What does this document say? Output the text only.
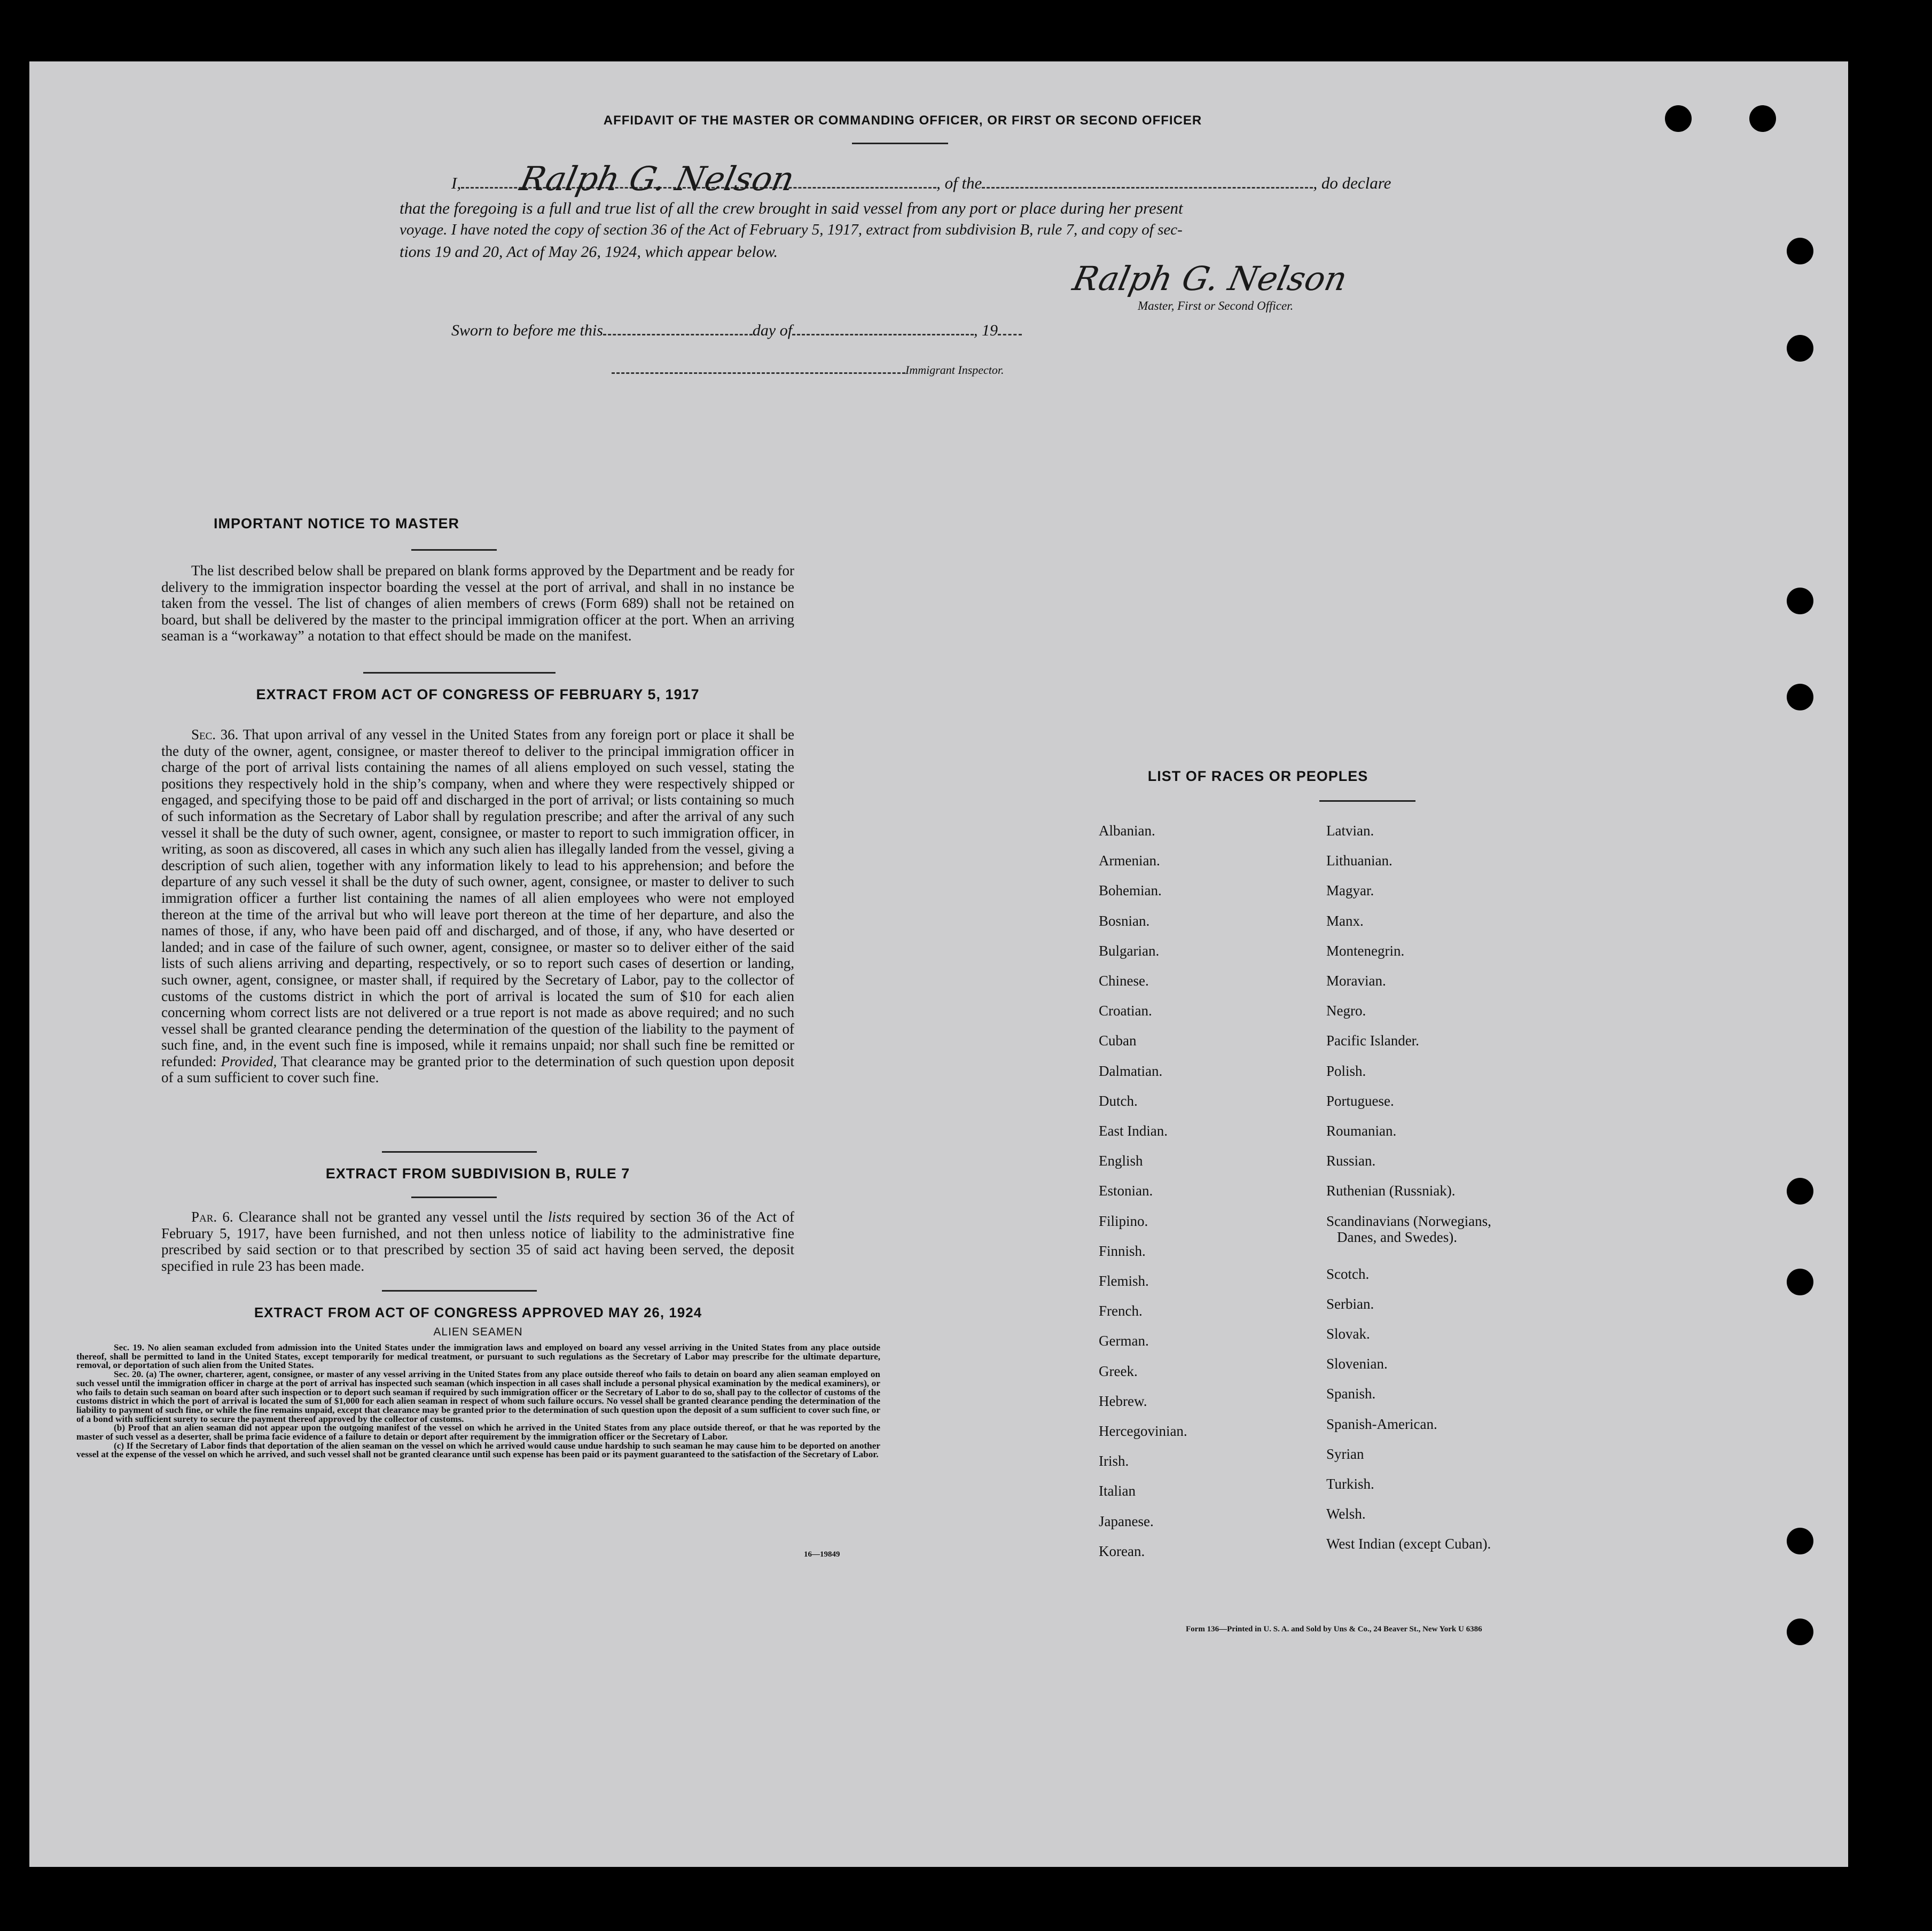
AFFIDAVIT OF THE MASTER OR COMMANDING OFFICER, OR FIRST OR SECOND OFFICER
I,	, of the	, do declare
Ralph G. Nelson
that the foregoing is a full and true list of all the crew brought in said vessel from any port or place during her present
voyage. I have noted the copy of section 36 of the Act of February 5, 1917, extract from subdivision B, rule 7, and copy of sec-
tions 19 and 20, Act of May 26, 1924, which appear below.
Ralph G. Nelson
Master, First or Second Officer.
Sworn to before me this	day of	, 19
Immigrant Inspector.
IMPORTANT NOTICE TO MASTER
The list described below shall be prepared on blank forms approved by the Department and be ready for delivery to the immigration inspector boarding the vessel at the port of arrival, and shall in no instance be taken from the vessel. The list of changes of alien members of crews (Form 689) shall not be retained on board, but shall be delivered by the master to the principal immigration officer at the port. When an arriving seaman is a “workaway” a notation to that effect should be made on the manifest.
EXTRACT FROM ACT OF CONGRESS OF FEBRUARY 5, 1917
Sec. 36. That upon arrival of any vessel in the United States from any foreign port or place it shall be the duty of the owner, agent, consignee, or master thereof to deliver to the principal immigration officer in charge of the port of arrival lists containing the names of all aliens employed on such vessel, stating the positions they respectively hold in the ship’s company, when and where they were respectively shipped or engaged, and specifying those to be paid off and discharged in the port of arrival; or lists containing so much of such information as the Secretary of Labor shall by regulation prescribe; and after the arrival of any such vessel it shall be the duty of such owner, agent, consignee, or master to report to such immigration officer, in writing, as soon as discovered, all cases in which any such alien has illegally landed from the vessel, giving a description of such alien, together with any information likely to lead to his apprehension; and before the departure of any such vessel it shall be the duty of such owner, agent, consignee, or master to deliver to such immigration officer a further list containing the names of all alien employees who were not employed thereon at the time of the arrival but who will leave port thereon at the time of her departure, and also the names of those, if any, who have been paid off and discharged, and of those, if any, who have deserted or landed; and in case of the failure of such owner, agent, consignee, or master so to deliver either of the said lists of such aliens arriving and departing, respectively, or so to report such cases of desertion or landing, such owner, agent, consignee, or master shall, if required by the Secretary of Labor, pay to the collector of customs of the customs district in which the port of arrival is located the sum of $10 for each alien concerning whom correct lists are not delivered or a true report is not made as above required; and no such vessel shall be granted clearance pending the determination of the question of the liability to the payment of such fine, and, in the event such fine is imposed, while it remains unpaid; nor shall such fine be remitted or refunded: Provided, That clearance may be granted prior to the determination of such question upon deposit of a sum sufficient to cover such fine.
EXTRACT FROM SUBDIVISION B, RULE 7
Par. 6. Clearance shall not be granted any vessel until the lists required by section 36 of the Act of February 5, 1917, have been furnished, and not then unless notice of liability to the administrative fine prescribed by said section or to that prescribed by section 35 of said act having been served, the deposit specified in rule 23 has been made.
EXTRACT FROM ACT OF CONGRESS APPROVED MAY 26, 1924
ALIEN SEAMEN
Sec. 19. No alien seaman excluded from admission into the United States under the immigration laws and employed on board any vessel arriving in the United States from any place outside thereof, shall be permitted to land in the United States, except temporarily for medical treatment, or pursuant to such regulations as the Secretary of Labor may prescribe for the ultimate departure, removal, or deportation of such alien from the United States.
Sec. 20. (a) The owner, charterer, agent, consignee, or master of any vessel arriving in the United States from any place outside thereof who fails to detain on board any alien seaman employed on such vessel until the immigration officer in charge at the port of arrival has inspected such seaman (which inspection in all cases shall include a personal physical examination by the medical examiners), or who fails to detain such seaman on board after such inspection or to deport such seaman if required by such immigration officer or the Secretary of Labor to do so, shall pay to the collector of customs of the customs district in which the port of arrival is located the sum of $1,000 for each alien seaman in respect of whom such failure occurs. No vessel shall be granted clearance pending the determination of the liability to payment of such fine, or while the fine remains unpaid, except that clearance may be granted prior to the determination of such question upon the deposit of a sum sufficient to cover such fine, or of a bond with sufficient surety to secure the payment thereof approved by the collector of customs.
(b) Proof that an alien seaman did not appear upon the outgoing manifest of the vessel on which he arrived in the United States from any place outside thereof, or that he was reported by the master of such vessel as a deserter, shall be prima facie evidence of a failure to detain or deport after requirement by the immigration officer or the Secretary of Labor.
(c) If the Secretary of Labor finds that deportation of the alien seaman on the vessel on which he arrived would cause undue hardship to such seaman he may cause him to be deported on another vessel at the expense of the vessel on which he arrived, and such vessel shall not be granted clearance until such expense has been paid or its payment guaranteed to the satisfaction of the Secretary of Labor.
16—19849
LIST OF RACES OR PEOPLES
Albanian.
Armenian.
Bohemian.
Bosnian.
Bulgarian.
Chinese.
Croatian.
Cuban
Dalmatian.
Dutch.
East Indian.
English
Estonian.
Filipino.
Finnish.
Flemish.
French.
German.
Greek.
Hebrew.
Hercegovinian.
Irish.
Italian
Japanese.
Korean.
Latvian.
Lithuanian.
Magyar.
Manx.
Montenegrin.
Moravian.
Negro.
Pacific Islander.
Polish.
Portuguese.
Roumanian.
Russian.
Ruthenian (Russniak).
Scandinavians (Norwegians,
Danes, and Swedes).
Scotch.
Serbian.
Slovak.
Slovenian.
Spanish.
Spanish-American.
Syrian
Turkish.
Welsh.
West Indian (except Cuban).
Form 136—Printed in U. S. A. and Sold by Uns & Co., 24 Beaver St., New York U 6386
